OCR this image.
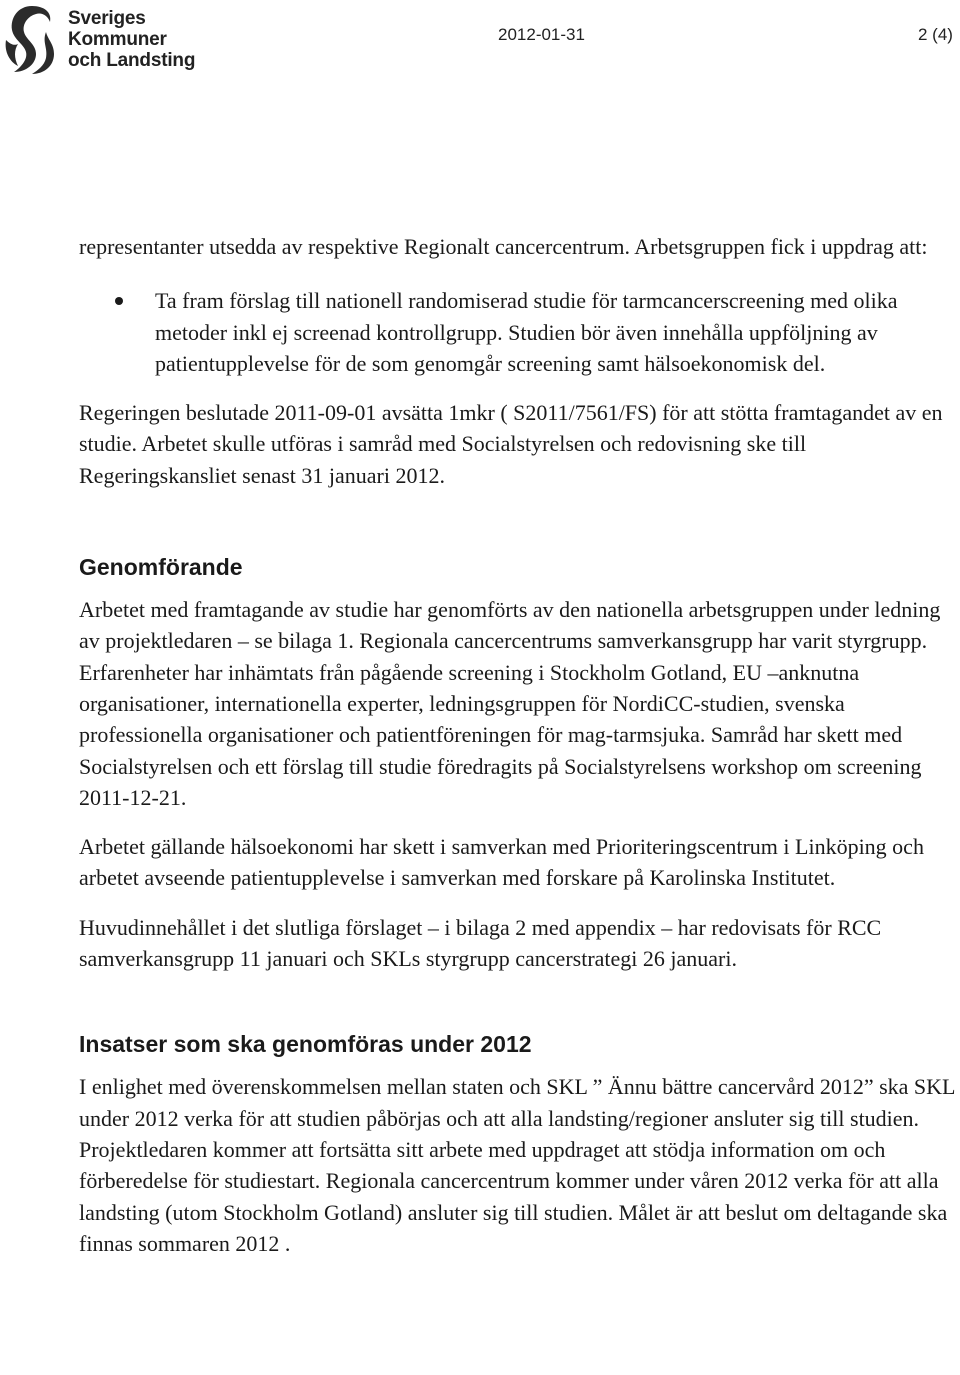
Sveriges
Kommuner
och Landsting
2012-01-31	2 (4)

representanter utsedda av respektive Regionalt cancercentrum. Arbetsgruppen fick i uppdrag att:

Ta fram förslag till nationell randomiserad studie för tarmcancerscreening med olika metoder inkl ej screenad kontrollgrupp. Studien bör även innehålla uppföljning av patientupplevelse för de som genomgår screening samt hälsoekonomisk del.

Regeringen beslutade 2011-09-01 avsätta 1mkr ( S2011/7561/FS) för att stötta framtagandet av en studie. Arbetet skulle utföras i samråd med Socialstyrelsen och redovisning ske till Regeringskansliet senast 31 januari 2012.

Genomförande

Arbetet med framtagande av studie har genomförts av den nationella arbetsgruppen under ledning av projektledaren – se bilaga 1. Regionala cancercentrums samverkansgrupp har varit styrgrupp. Erfarenheter har inhämtats från pågående screening i Stockholm Gotland, EU –anknutna organisationer, internationella experter, ledningsgruppen för NordiCC-studien, svenska professionella organisationer och patientföreningen för mag-tarmsjuka. Samråd har skett med Socialstyrelsen och ett förslag till studie föredragits på Socialstyrelsens workshop om screening 2011-12-21.

Arbetet gällande hälsoekonomi har skett i samverkan med Prioriteringscentrum i Linköping och arbetet avseende patientupplevelse i samverkan med forskare på Karolinska Institutet.

Huvudinnehållet i det slutliga förslaget – i bilaga 2 med appendix – har redovisats för RCC samverkansgrupp 11 januari och SKLs styrgrupp cancerstrategi 26 januari.

Insatser som ska genomföras under 2012

I enlighet med överenskommelsen mellan staten och SKL ” Ännu bättre cancervård 2012” ska SKL under 2012 verka för att studien påbörjas och att alla landsting/regioner ansluter sig till studien. Projektledaren kommer att fortsätta sitt arbete med uppdraget att stödja information om och förberedelse för studiestart. Regionala cancercentrum kommer under våren 2012 verka för att alla landsting (utom Stockholm Gotland) ansluter sig till studien. Målet är att beslut om deltagande ska finnas sommaren 2012 .
